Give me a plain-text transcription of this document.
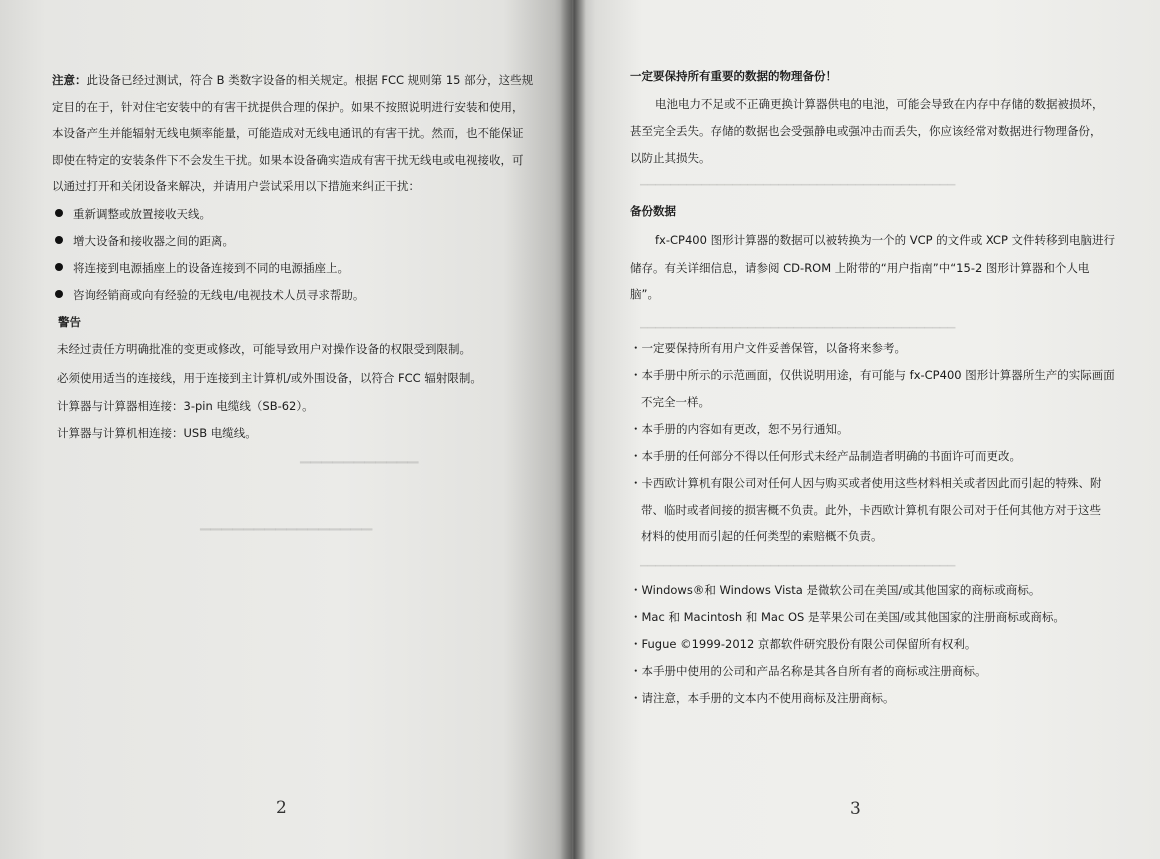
注意：此设备已经过测试，符合 B 类数字设备的相关规定。根据 FCC 规则第 15 部分，这些规
定目的在于，针对住宅安装中的有害干扰提供合理的保护。如果不按照说明进行安装和使用，
本设备产生并能辐射无线电频率能量，可能造成对无线电通讯的有害干扰。然而，也不能保证
即使在特定的安装条件下不会发生干扰。如果本设备确实造成有害干扰无线电或电视接收，可
以通过打开和关闭设备来解决，并请用户尝试采用以下措施来纠正干扰：
重新调整或放置接收天线。
增大设备和接收器之间的距离。
将连接到电源插座上的设备连接到不同的电源插座上。
咨询经销商或向有经验的无线电/电视技术人员寻求帮助。
警告
未经过责任方明确批准的变更或修改，可能导致用户对操作设备的权限受到限制。
必须使用适当的连接线，用于连接到主计算机/或外围设备，以符合 FCC 辐射限制。
计算器与计算器相连接：3-pin 电缆线（SB-62）。
计算器与计算机相连接：USB 电缆线。
2
▁▁▁▁▁▁▁▁▁▁▁
▁▁▁▁▁▁▁▁▁▁▁▁▁▁▁▁
一定要保持所有重要的数据的物理备份！
电池电力不足或不正确更换计算器供电的电池，可能会导致在内存中存储的数据被损坏，
甚至完全丢失。存储的数据也会受强静电或强冲击而丢失，你应该经常对数据进行物理备份，
以防止其损失。
备份数据
fx-CP400 图形计算器的数据可以被转换为一个的 VCP 的文件或 XCP 文件转移到电脑进行
储存。有关详细信息，请参阅 CD-ROM 上附带的“用户指南”中“15-2 图形计算器和个人电
脑”。
・一定要保持所有用户文件妥善保管，以备将来参考。
・本手册中所示的示范画面，仅供说明用途，有可能与 fx-CP400 图形计算器所生产的实际画面
不完全一样。
・本手册的内容如有更改，恕不另行通知。
・本手册的任何部分不得以任何形式未经产品制造者明确的书面许可而更改。
・卡西欧计算机有限公司对任何人因与购买或者使用这些材料相关或者因此而引起的特殊、附
带、临时或者间接的损害概不负责。此外，卡西欧计算机有限公司对于任何其他方对于这些
材料的使用而引起的任何类型的索赔概不负责。
・Windows®和 Windows Vista 是微软公司在美国/或其他国家的商标或商标。
・Mac 和 Macintosh 和 Mac OS 是苹果公司在美国/或其他国家的注册商标或商标。
・Fugue ©1999-2012 京都软件研究股份有限公司保留所有权利。
・本手册中使用的公司和产品名称是其各自所有者的商标或注册商标。
・请注意，本手册的文本内不使用商标及注册商标。
3
▁▁▁▁▁▁▁▁▁▁▁▁▁▁▁▁▁▁▁▁▁▁▁▁▁▁▁▁▁▁▁▁▁▁▁▁▁▁▁▁▁
▁▁▁▁▁▁▁▁▁▁▁▁▁▁▁▁▁▁▁▁▁▁▁▁▁▁▁▁▁▁▁▁▁▁▁▁▁▁▁▁▁
▁▁▁▁▁▁▁▁▁▁▁▁▁▁▁▁▁▁▁▁▁▁▁▁▁▁▁▁▁▁▁▁▁▁▁▁▁▁▁▁▁
